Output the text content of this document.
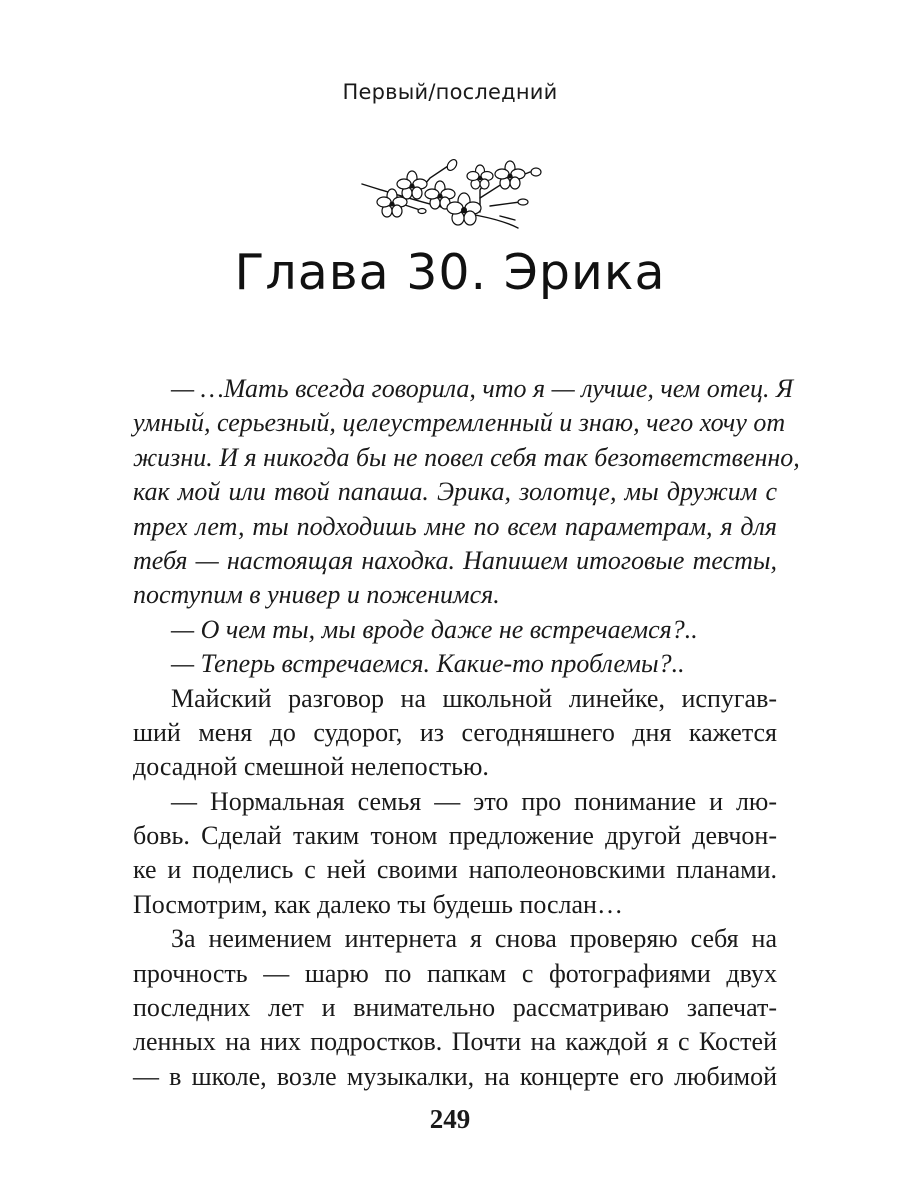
Первый/последний
Глава 30. Эрика
— …Мать всегда говорила, что я — лучше, чем отец. Я
умный, серьезный, целеустремленный и знаю, чего хочу от
жизни. И я никогда бы не повел себя так безответственно,
как мой или твой папаша. Эрика, золотце, мы дружим с
трех лет, ты подходишь мне по всем параметрам, я для
тебя — настоящая находка. Напишем итоговые тесты,
поступим в универ и поженимся.
— О чем ты, мы вроде даже не встречаемся?..
— Теперь встречаемся. Какие-то проблемы?..
Майский разговор на школьной линейке, испугав-
ший меня до судорог, из сегодняшнего дня кажется
досадной смешной нелепостью.
— Нормальная семья — это про понимание и лю-
бовь. Сделай таким тоном предложение другой девчон-
ке и поделись с ней своими наполеоновскими планами.
Посмотрим, как далеко ты будешь послан…
За неимением интернета я снова проверяю себя на
прочность — шарю по папкам с фотографиями двух
последних лет и внимательно рассматриваю запечат-
ленных на них подростков. Почти на каждой я с Костей
— в школе, возле музыкалки, на концерте его любимой
249
